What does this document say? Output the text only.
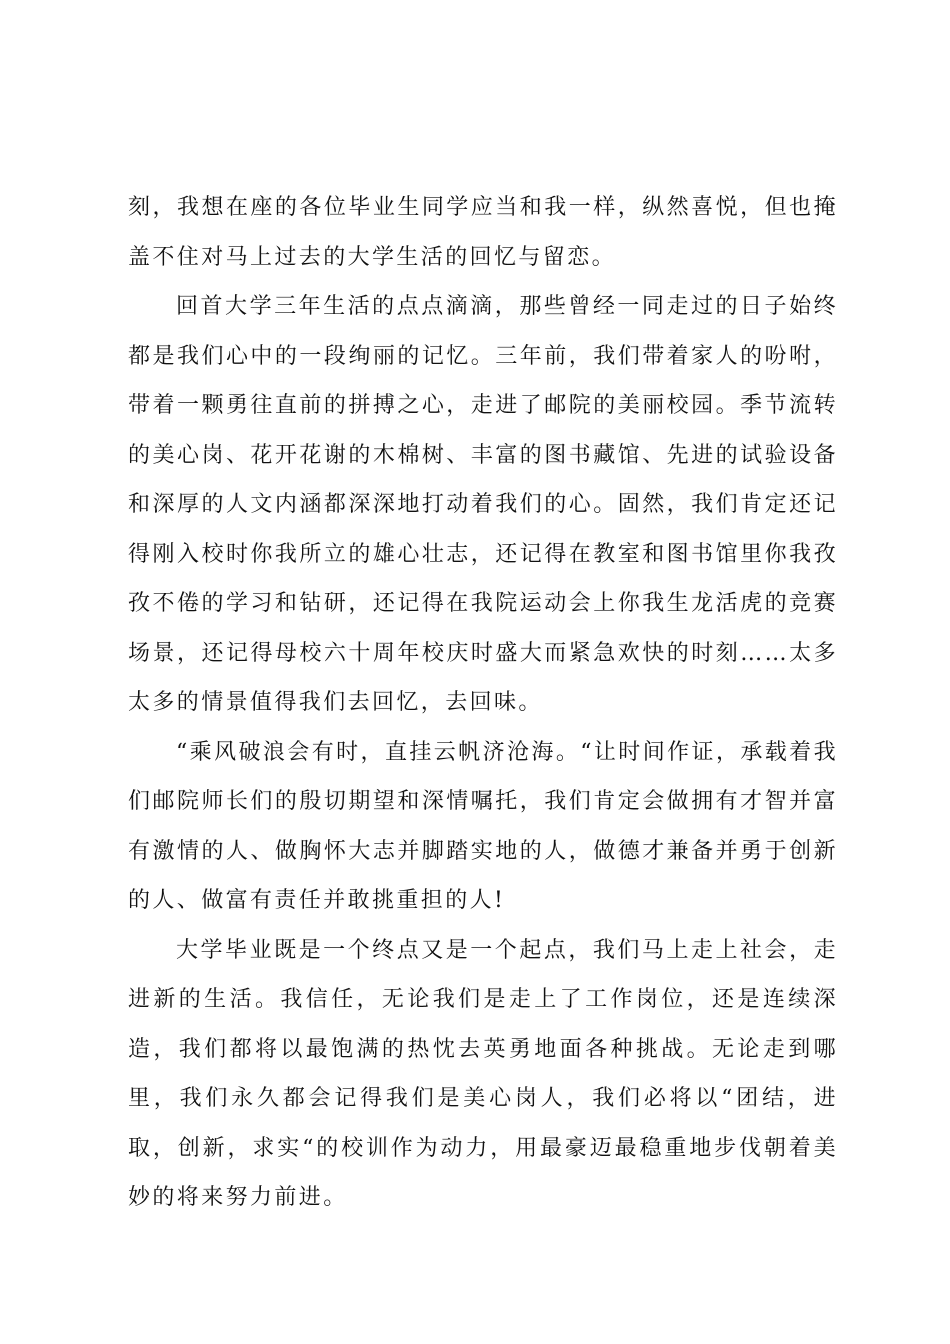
刻，我想在座的各位毕业生同学应当和我一样，纵然喜悦，但也掩盖不住对马上过去的大学生活的回忆与留恋。

回首大学三年生活的点点滴滴，那些曾经一同走过的日子始终都是我们心中的一段绚丽的记忆。三年前，我们带着家人的吩咐，带着一颗勇往直前的拼搏之心，走进了邮院的美丽校园。季节流转的美心岗、花开花谢的木棉树、丰富的图书藏馆、先进的试验设备和深厚的人文内涵都深深地打动着我们的心。固然，我们肯定还记得刚入校时你我所立的雄心壮志，还记得在教室和图书馆里你我孜孜不倦的学习和钻研，还记得在我院运动会上你我生龙活虎的竞赛场景，还记得母校六十周年校庆时盛大而紧急欢快的时刻……太多太多的情景值得我们去回忆，去回味。

“乘风破浪会有时，直挂云帆济沧海。“让时间作证，承载着我们邮院师长们的殷切期望和深情嘱托，我们肯定会做拥有才智并富有激情的人、做胸怀大志并脚踏实地的人，做德才兼备并勇于创新的人、做富有责任并敢挑重担的人!

大学毕业既是一个终点又是一个起点，我们马上走上社会，走进新的生活。我信任，无论我们是走上了工作岗位，还是连续深造，我们都将以最饱满的热忱去英勇地面各种挑战。无论走到哪里，我们永久都会记得我们是美心岗人，我们必将以“团结，进取，创新，求实“的校训作为动力，用最豪迈最稳重地步伐朝着美妙的将来努力前进。
